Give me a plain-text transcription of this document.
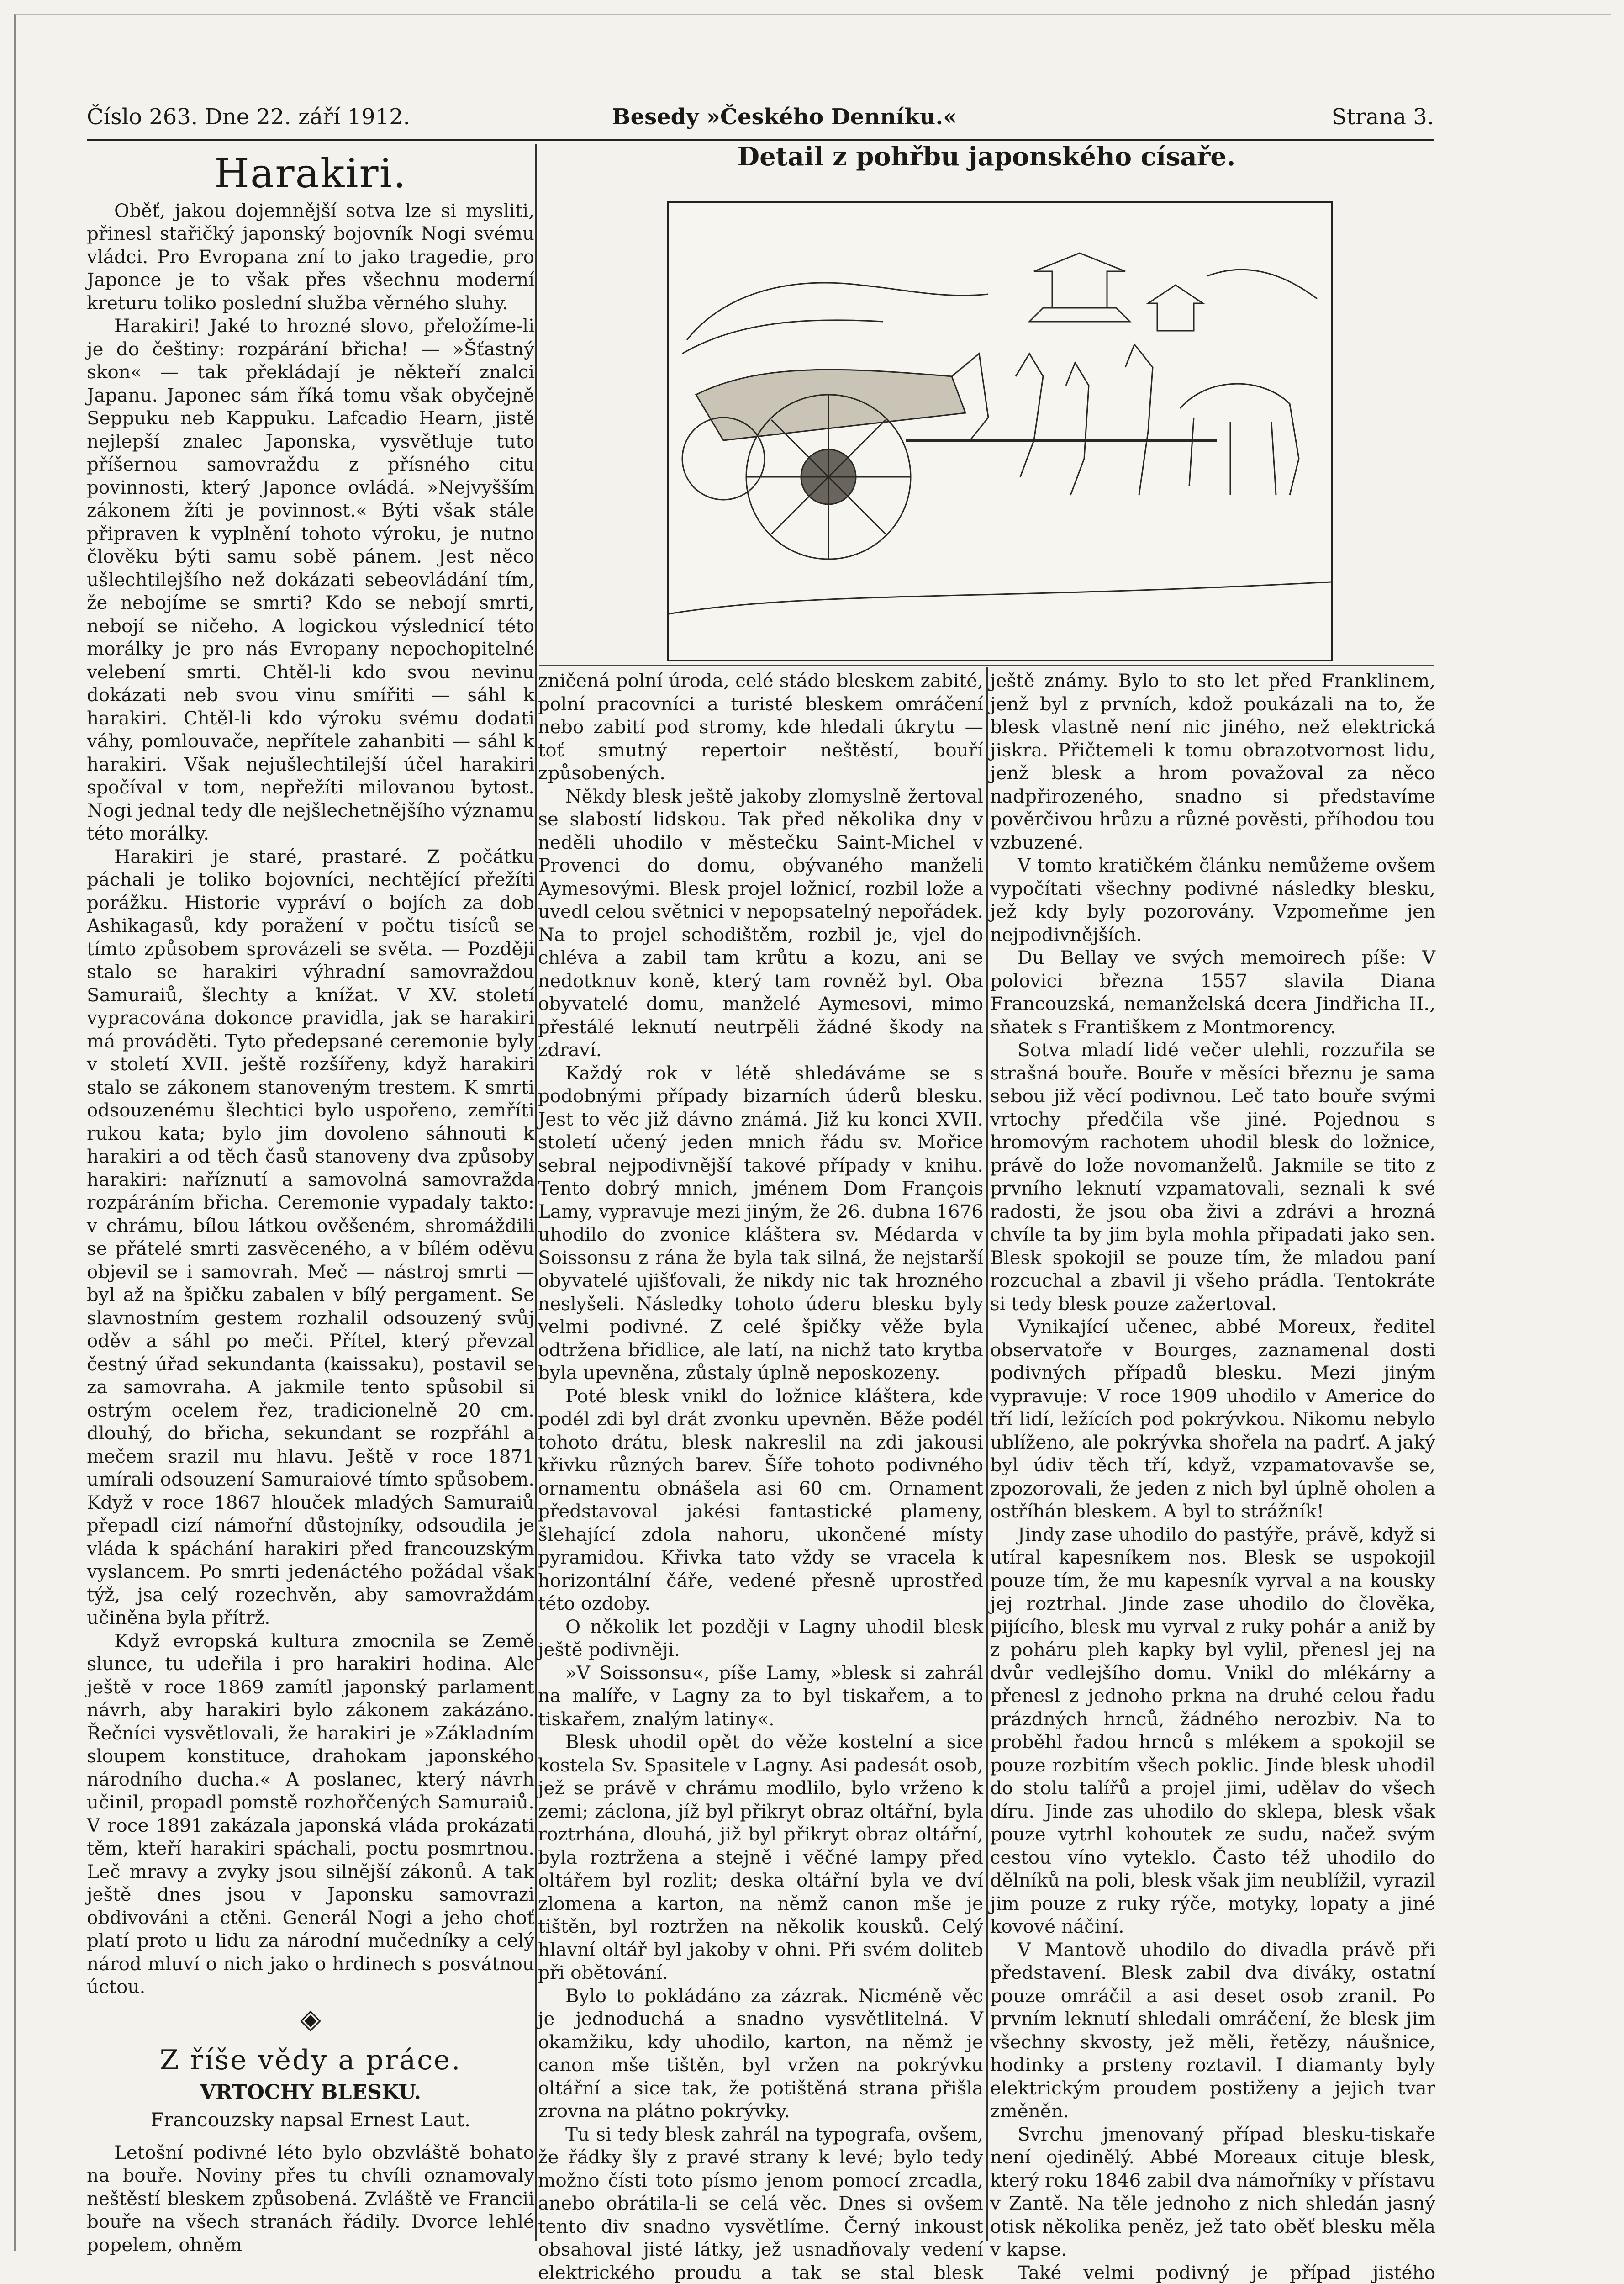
Číslo 263. Dne 22. září 1912.	Besedy »Českého Denníku.«	Strana 3.
Harakiri.

Oběť, jakou dojemnější sotva lze si mysliti, přinesl stařičký japonský bojovník Nogi svému vládci. Pro Evropana zní to jako tragedie, pro Japonce je to však přes všechnu moderní kreturu toliko poslední služba věrného sluhy.

Harakiri! Jaké to hrozné slovo, přeložíme-li je do češtiny: rozpárání břicha! — »Šťastný skon« — tak překládají je někteří znalci Japanu. Japonec sám říká tomu však obyčejně Seppuku neb Kappuku. Lafcadio Hearn, jistě nejlepší znalec Japonska, vysvětluje tuto příšernou samovraždu z přísného citu povinnosti, který Japonce ovládá. »Nejvyšším zákonem žíti je povinnost.« Býti však stále připraven k vyplnění tohoto výroku, je nutno člověku býti samu sobě pánem. Jest něco ušlechtilejšího než dokázati sebeovládání tím, že nebojíme se smrti? Kdo se nebojí smrti, nebojí se ničeho. A logickou výslednicí této morálky je pro nás Evropany nepochopitelné velebení smrti. Chtěl-li kdo svou nevinu dokázati neb svou vinu smířiti — sáhl k harakiri. Chtěl-li kdo výroku svému dodati váhy, pomlouvače, nepřítele zahanbiti — sáhl k harakiri. Však nejušlechtilejší účel harakiri spočíval v tom, nepřežíti milovanou bytost. Nogi jednal tedy dle nejšlechetnějšího významu této morálky.

Harakiri je staré, prastaré. Z počátku páchali je toliko bojovníci, nechtějící přežíti porážku. Historie vypráví o bojích za dob Ashikagasů, kdy poražení v počtu tisíců se tímto způsobem sprovázeli se světa. — Později stalo se harakiri výhradní samovraždou Samuraiů, šlechty a knížat. V XV. století vypracována dokonce pravidla, jak se harakiri má prováděti. Tyto předepsané ceremonie byly v století XVII. ještě rozšířeny, když harakiri stalo se zákonem stanoveným trestem. K smrti odsouzenému šlechtici bylo uspořeno, zemříti rukou kata; bylo jim dovoleno sáhnouti k harakiri a od těch časů stanoveny dva způsoby harakiri: naříznutí a samovolná samovražda rozpáráním břicha. Ceremonie vypadaly takto: v chrámu, bílou látkou ověšeném, shromáždili se přátelé smrti zasvěceného, a v bílém oděvu objevil se i samovrah. Meč — nástroj smrti — byl až na špičku zabalen v bílý pergament. Se slavnostním gestem rozhalil odsouzený svůj oděv a sáhl po meči. Přítel, který převzal čestný úřad sekundanta (kaissaku), postavil se za samovraha. A jakmile tento spůsobil si ostrým ocelem řez, tradicionelně 20 cm. dlouhý, do břicha, sekundant se rozpřáhl a mečem srazil mu hlavu. Ještě v roce 1871 umírali odsouzení Samuraiové tímto spůsobem. Když v roce 1867 hlouček mladých Samuraiů přepadl cizí námořní důstojníky, odsoudila je vláda k spáchání harakiri před francouzským vyslancem. Po smrti jedenáctého požádal však týž, jsa celý rozechvěn, aby samovraždám učiněna byla přítrž.

Když evropská kultura zmocnila se Země slunce, tu udeřila i pro harakiri hodina. Ale ještě v roce 1869 zamítl japonský parlament návrh, aby harakiri bylo zákonem zakázáno. Řečníci vysvětlovali, že harakiri je »Základním sloupem konstituce, drahokam japonského národního ducha.« A poslanec, který návrh učinil, propadl pomstě rozhořčených Samuraiů. V roce 1891 zakázala japonská vláda prokázati těm, kteří harakiri spáchali, poctu posmrtnou. Leč mravy a zvyky jsou silnější zákonů. A tak ještě dnes jsou v Japonsku samovrazi obdivováni a ctěni. Generál Nogi a jeho choť platí proto u lidu za národní mučedníky a celý národ mluví o nich jako o hrdinech s posvátnou úctou.

◈
Z říše vědy a práce.
VRTOCHY BLESKU.
Francouzsky napsal Ernest Laut.

Letošní podivné léto bylo obzvláště bohato na bouře. Noviny přes tu chvíli oznamovaly neštěstí bleskem způsobená. Zvláště ve Francii bouře na všech stranách řádily. Dvorce lehlé popelem, ohněm

Detail z pohřbu japonského císaře.

zničená polní úroda, celé stádo bleskem zabité, polní pracovníci a turisté bleskem omráčení nebo zabití pod stromy, kde hledali úkrytu — toť smutný repertoir neštěstí, bouří způsobených.

Někdy blesk ještě jakoby zlomyslně žertoval se slabostí lidskou. Tak před několika dny v neděli uhodilo v městečku Saint-Michel v Provenci do domu, obývaného manželi Aymesovými. Blesk projel ložnicí, rozbil lože a uvedl celou světnici v nepopsatelný nepořádek. Na to projel schodištěm, rozbil je, vjel do chléva a zabil tam krůtu a kozu, ani se nedotknuv koně, který tam rovněž byl. Oba obyvatelé domu, manželé Aymesovi, mimo přestálé leknutí neutrpěli žádné škody na zdraví.

Každý rok v létě shledáváme se s podobnými případy bizarních úderů blesku. Jest to věc již dávno známá. Již ku konci XVII. století učený jeden mnich řádu sv. Mořice sebral nejpodivnější takové případy v knihu. Tento dobrý mnich, jménem Dom François Lamy, vypravuje mezi jiným, že 26. dubna 1676 uhodilo do zvonice kláštera sv. Médarda v Soissonsu z rána že byla tak silná, že nejstarší obyvatelé ujišťovali, že nikdy nic tak hrozného neslyšeli. Následky tohoto úderu blesku byly velmi podivné. Z celé špičky věže byla odtržena břidlice, ale latí, na nichž tato krytba byla upevněna, zůstaly úplně neposkozeny.

Poté blesk vnikl do ložnice kláštera, kde podél zdi byl drát zvonku upevněn. Běže podél tohoto drátu, blesk nakreslil na zdi jakousi křivku různých barev. Šíře tohoto podivného ornamentu obnášela asi 60 cm. Ornament představoval jakési fantastické plameny, šlehající zdola nahoru, ukončené místy pyramidou. Křivka tato vždy se vracela k horizontální čáře, vedené přesně uprostřed této ozdoby.

O několik let později v Lagny uhodil blesk ještě podivněji.

»V Soissonsu«, píše Lamy, »blesk si zahrál na malíře, v Lagny za to byl tiskařem, a to tiskařem, znalým latiny«.

Blesk uhodil opět do věže kostelní a sice kostela Sv. Spasitele v Lagny. Asi padesát osob, jež se právě v chrámu modlilo, bylo vrženo k zemi; záclona, jíž byl přikryt obraz oltářní, byla roztrhána, dlouhá, již byl přikryt obraz oltářní, byla roztržena a stejně i věčné lampy před oltářem byl rozlit; deska oltářní byla ve dví zlomena a karton, na němž canon mše je tištěn, byl roztržen na několik kousků. Celý hlavní oltář byl jakoby v ohni. Při svém doliteb při obětování.

Bylo to pokládáno za zázrak. Nicméně věc je jednoduchá a snadno vysvětlitelná. V okamžiku, kdy uhodilo, karton, na němž je canon mše tištěn, byl vržen na pokrývku oltářní a sice tak, že potištěná strana přišla zrovna na plátno pokrývky.

Tu si tedy blesk zahrál na typografa, ovšem, že řádky šly z pravé strany k levé; bylo tedy možno čísti toto písmo jenom pomocí zrcadla, anebo obrátila-li se celá věc. Dnes si ovšem tento div snadno vysvětlíme. Černý inkoust obsahoval jisté látky, jež usnadňovaly vedení elektrického proudu a tak se stal blesk

ještě známy. Bylo to sto let před Franklinem, jenž byl z prvních, kdož poukázali na to, že blesk vlastně není nic jiného, než elektrická jiskra. Přičtemeli k tomu obrazotvornost lidu, jenž blesk a hrom považoval za něco nadpřirozeného, snadno si představíme pověrčivou hrůzu a různé pověsti, příhodou tou vzbuzené.

V tomto kratičkém článku nemůžeme ovšem vypočítati všechny podivné následky blesku, jež kdy byly pozorovány. Vzpomeňme jen nejpodivnějších.

Du Bellay ve svých memoirech píše: V polovici března 1557 slavila Diana Francouzská, nemanželská dcera Jindřicha II., sňatek s Františkem z Montmorency.

Sotva mladí lidé večer ulehli, rozzuřila se strašná bouře. Bouře v měsíci březnu je sama sebou již věcí podivnou. Leč tato bouře svými vrtochy předčila vše jiné. Pojednou s hromovým rachotem uhodil blesk do ložnice, právě do lože novomanželů. Jakmile se tito z prvního leknutí vzpamatovali, seznali k své radosti, že jsou oba živi a zdrávi a hrozná chvíle ta by jim byla mohla připadati jako sen. Blesk spokojil se pouze tím, že mladou paní rozcuchal a zbavil ji všeho prádla. Tentokráte si tedy blesk pouze zažertoval.

Vynikající učenec, abbé Moreux, ředitel observatoře v Bourges, zaznamenal dosti podivných případů blesku. Mezi jiným vypravuje: V roce 1909 uhodilo v Americe do tří lidí, ležících pod pokrývkou. Nikomu nebylo ublíženo, ale pokrývka shořela na padrť. A jaký byl údiv těch tří, když, vzpamatovavše se, zpozorovali, že jeden z nich byl úplně oholen a ostříhán bleskem. A byl to strážník!

Jindy zase uhodilo do pastýře, právě, když si utíral kapesníkem nos. Blesk se uspokojil pouze tím, že mu kapesník vyrval a na kousky jej roztrhal. Jinde zase uhodilo do člověka, pijícího, blesk mu vyrval z ruky pohár a aniž by z poháru pleh kapky byl vylil, přenesl jej na dvůr vedlejšího domu. Vnikl do mlékárny a přenesl z jednoho prkna na druhé celou řadu prázdných hrnců, žádného nerozbiv. Na to proběhl řadou hrnců s mlékem a spokojil se pouze rozbitím všech pokliс. Jinde blesk uhodil do stolu talířů a projel jimi, udělav do všech díru. Jinde zas uhodilo do sklepa, blesk však pouze vytrhl kohoutek ze sudu, načež svým cestou víno vyteklo. Často též uhodilo do dělníků na poli, blesk však jim neublížil, vyrazil jim pouze z ruky rýče, motyky, lopaty a jiné kovové náčiní.

V Mantově uhodilo do divadla právě při představení. Blesk zabil dva diváky, ostatní pouze omráčil a asi deset osob zranil. Po prvním leknutí shledali omráčení, že blesk jim všechny skvosty, jež měli, řetězy, náušnice, hodinky a prsteny roztavil. I diamanty byly elektrickým proudem postiženy a jejich tvar změněn.

Svrchu jmenovaný případ blesku-tiskaře není ojedinělý. Abbé Moreaux cituje blesk, který roku 1846 zabil dva námořníky v přístavu v Zantě. Na těle jednoho z nich shledán jasný otisk několika peněz, jež tato oběť blesku měla v kapse.

Také velmi podivný je případ jistého
